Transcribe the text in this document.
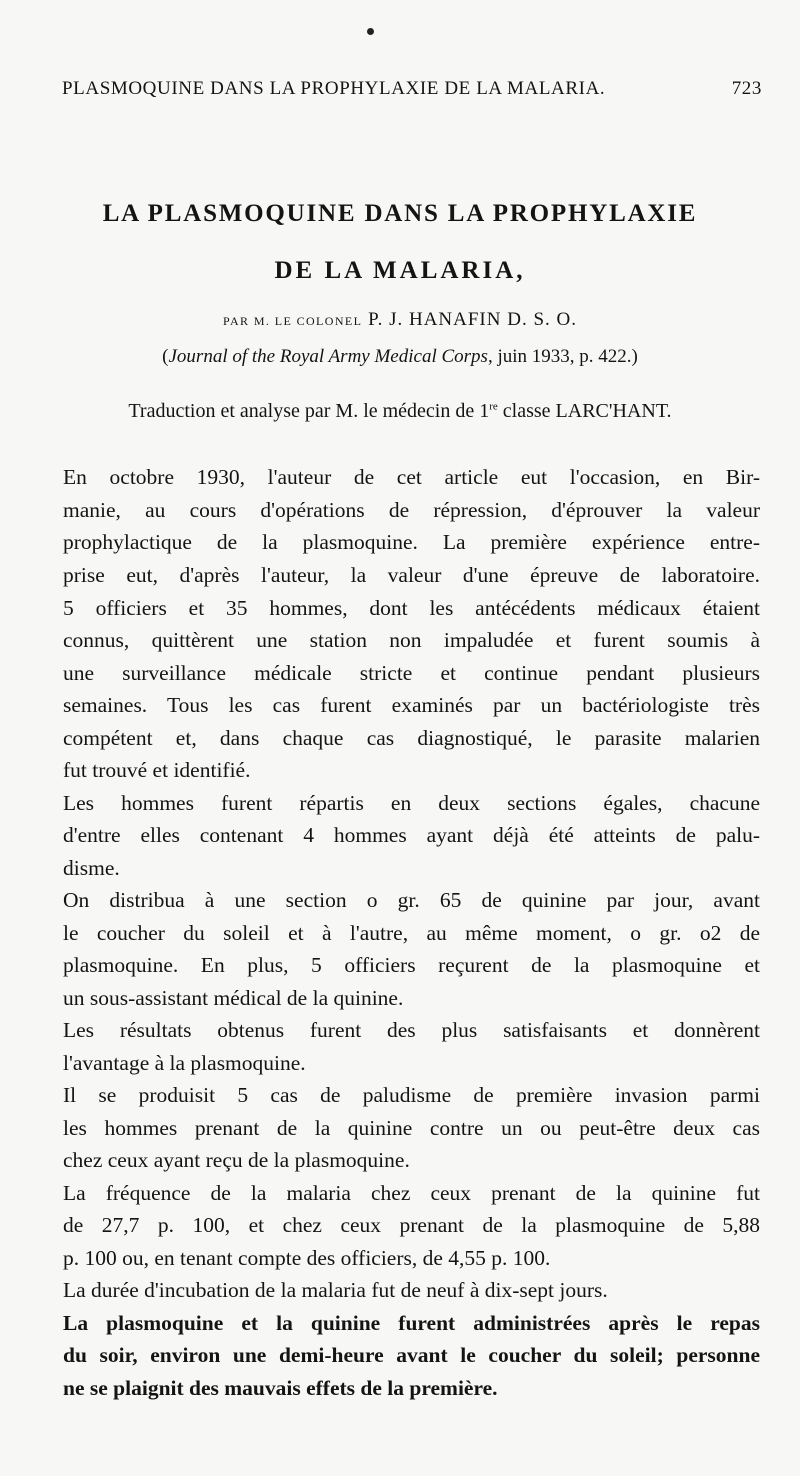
PLASMOQUINE DANS LA PROPHYLAXIE DE LA MALARIA.	723
LA PLASMOQUINE DANS LA PROPHYLAXIE
DE LA MALARIA,
PAR M. LE COLONEL P. J. HANAFIN D. S. O.
(Journal of the Royal Army Medical Corps, juin 1933, p. 422.)
Traduction et analyse par M. le médecin de 1re classe LARC'HANT.
En octobre 1930, l'auteur de cet article eut l'occasion, en Bir-
manie, au cours d'opérations de répression, d'éprouver la valeur
prophylactique de la plasmoquine. La première expérience entre-
prise eut, d'après l'auteur, la valeur d'une épreuve de laboratoire.
5 officiers et 35 hommes, dont les antécédents médicaux étaient
connus, quittèrent une station non impaludée et furent soumis à
une surveillance médicale stricte et continue pendant plusieurs
semaines. Tous les cas furent examinés par un bactériologiste très
compétent et, dans chaque cas diagnostiqué, le parasite malarien
fut trouvé et identifié.
Les hommes furent répartis en deux sections égales, chacune
d'entre elles contenant 4 hommes ayant déjà été atteints de palu-
disme.
On distribua à une section o gr. 65 de quinine par jour, avant
le coucher du soleil et à l'autre, au même moment, o gr. o2 de
plasmoquine. En plus, 5 officiers reçurent de la plasmoquine et
un sous-assistant médical de la quinine.
Les résultats obtenus furent des plus satisfaisants et donnèrent
l'avantage à la plasmoquine.
Il se produisit 5 cas de paludisme de première invasion parmi
les hommes prenant de la quinine contre un ou peut-être deux cas
chez ceux ayant reçu de la plasmoquine.
La fréquence de la malaria chez ceux prenant de la quinine fut
de 27,7 p. 100, et chez ceux prenant de la plasmoquine de 5,88
p. 100 ou, en tenant compte des officiers, de 4,55 p. 100.
La durée d'incubation de la malaria fut de neuf à dix-sept jours.
La plasmoquine et la quinine furent administrées après le repas
du soir, environ une demi-heure avant le coucher du soleil; personne
ne se plaignit des mauvais effets de la première.
